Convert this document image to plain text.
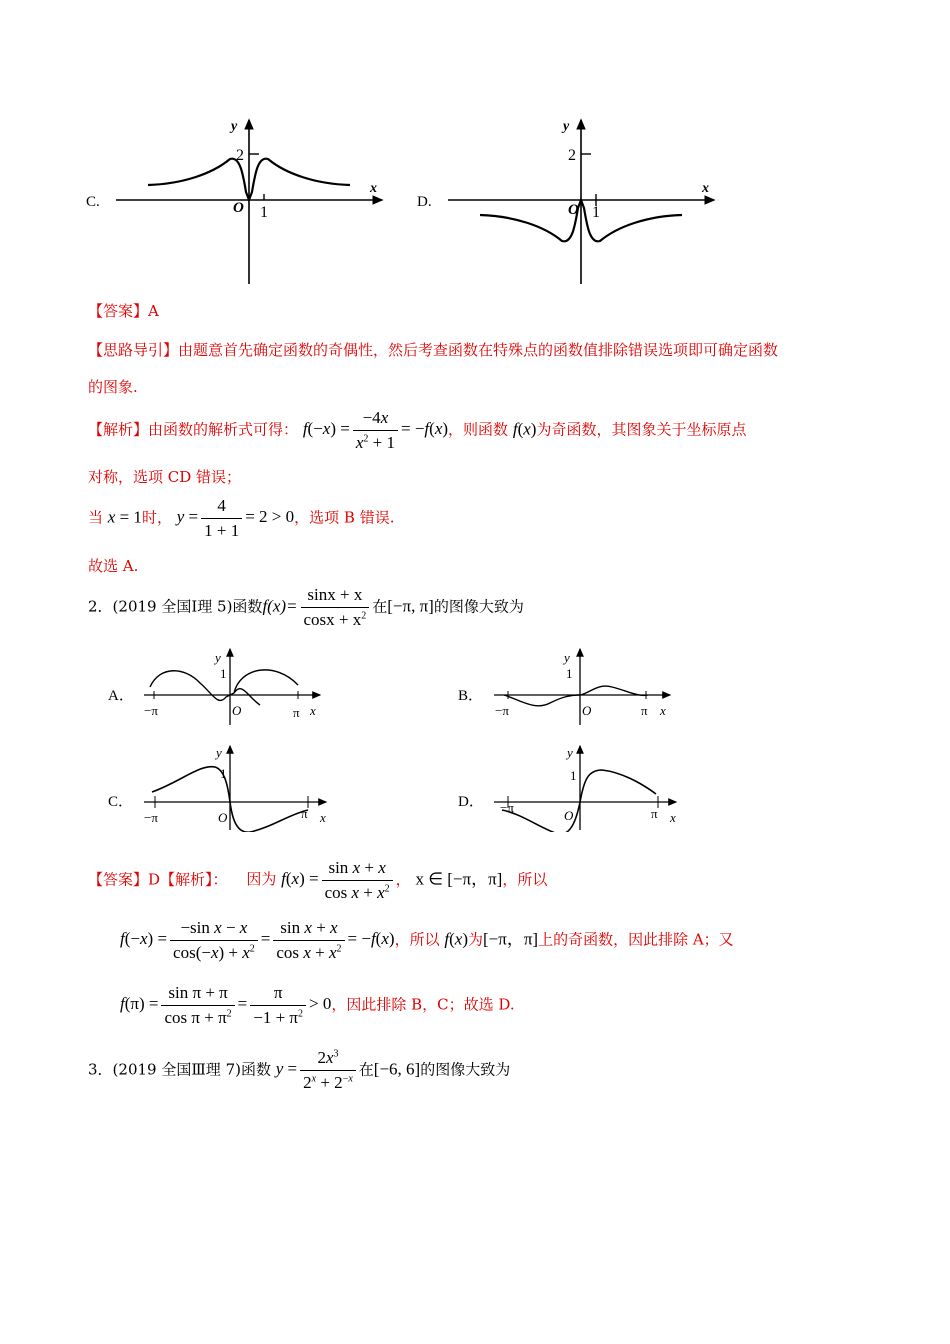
C.
y
x
O 1
2
D.
y
x
O 1
2
【答案】A
【思路导引】由题意首先确定函数的奇偶性，然后考查函数在特殊点的函数值排除错误选项即可确定函数
的图象.
【解析】由函数的解析式可得： $f(-x) = \frac{-4x}{x^2 + 1} = -f(x)$，则函数 f(x)为奇函数，其图象关于坐标原点
对称，选项 CD 错误；
当 x = 1时， $y = \frac{4}{1 + 1} = 2 > 0$，选项 B 错误.
故选 A.
2．(2019 全国Ⅰ理 5)函数$f(x)= \frac{\sin x + x}{\cos x + x^2}$ 在[−π, π]的图像大致为
A．
y
1
x
O
−π	π
B．
y
1
x
O
−π	π
C．
y
1
x
O
−π	π
D．
y
1
x
O
−π	π
【答案】D【解析】： 因为 $f(x) = \frac{\text{sin x + x}}{\cos x + x^2}$ ， x ∈ [−π，π]，所以
$f(-x) = \frac{\text{−sin x − x}}{\cos(-x) + x^2} = \frac{\text{sin x + x}}{\cos x + x^2} = -f(x)$，所以 f(x)为[−π，π]上的奇函数，因此排除 A；又
$f(\pi) = \frac{\text{sin π + π}}{\cos \pi + \pi^2} = \frac{\pi}{-1 + \pi^2} > 0$，因此排除 B，C；故选 D.
3．(2019 全国Ⅲ理 7)函数 $y = \frac{2x^3}{2^x + 2^{-x}}$ 在[−6, 6]的图像大致为
